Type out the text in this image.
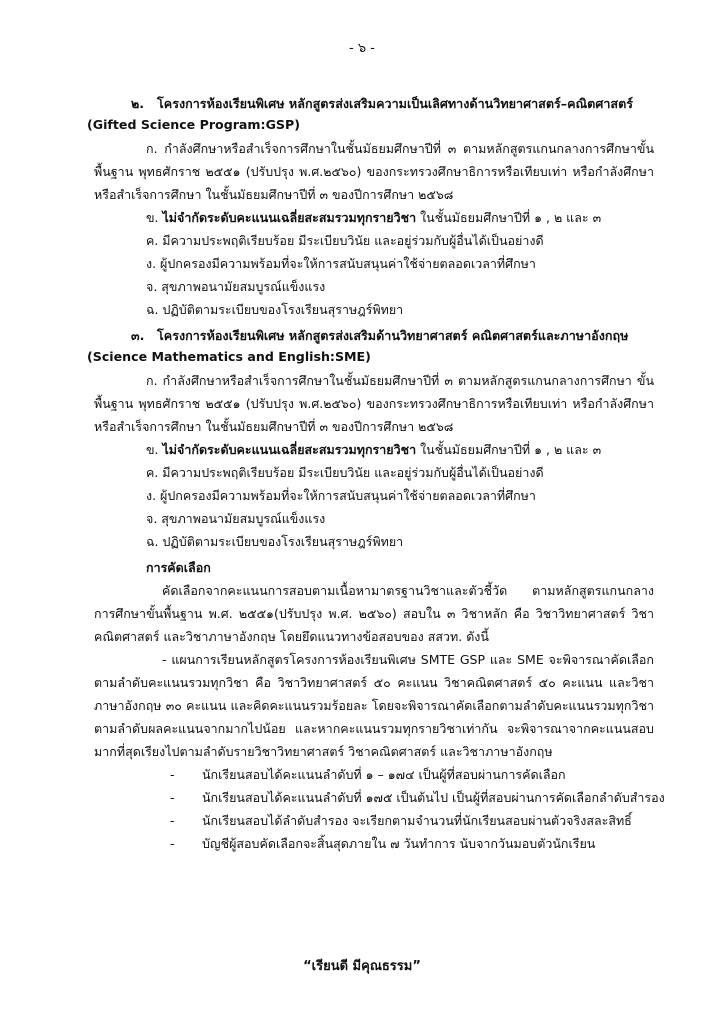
- ๖ -
๒. โครงการห้องเรียนพิเศษ หลักสูตรส่งเสริมความเป็นเลิศทางด้านวิทยาศาสตร์–คณิตศาสตร์
(Gifted Science Program:GSP)
ก. กำลังศึกษาหรือสำเร็จการศึกษาในชั้นมัธยมศึกษาปีที่ ๓ ตามหลักสูตรแกนกลางการศึกษาขั้นพื้นฐาน พุทธศักราช ๒๕๕๑ (ปรับปรุง พ.ศ.๒๕๖๐) ของกระทรวงศึกษาธิการหรือเทียบเท่า หรือกำลังศึกษาหรือสำเร็จการศึกษา ในชั้นมัธยมศึกษาปีที่ ๓ ของปีการศึกษา ๒๕๖๘
ข. ไม่จำกัดระดับคะแนนเฉลี่ยสะสมรวมทุกรายวิชา ในชั้นมัธยมศึกษาปีที่ ๑ , ๒ และ ๓
ค. มีความประพฤติเรียบร้อย มีระเบียบวินัย และอยู่ร่วมกับผู้อื่นได้เป็นอย่างดี
ง. ผู้ปกครองมีความพร้อมที่จะให้การสนับสนุนค่าใช้จ่ายตลอดเวลาที่ศึกษา
จ. สุขภาพอนามัยสมบูรณ์แข็งแรง
ฉ. ปฏิบัติตามระเบียบของโรงเรียนสุราษฎร์พิทยา
๓. โครงการห้องเรียนพิเศษ หลักสูตรส่งเสริมด้านวิทยาศาสตร์ คณิตศาสตร์และภาษาอังกฤษ
(Science Mathematics and English:SME)
ก. กำลังศึกษาหรือสำเร็จการศึกษาในชั้นมัธยมศึกษาปีที่ ๓ ตามหลักสูตรแกนกลางการศึกษา ขั้นพื้นฐาน พุทธศักราช ๒๕๕๑ (ปรับปรุง พ.ศ.๒๕๖๐) ของกระทรวงศึกษาธิการหรือเทียบเท่า หรือกำลังศึกษาหรือสำเร็จการศึกษา ในชั้นมัธยมศึกษาปีที่ ๓ ของปีการศึกษา ๒๕๖๘
ข. ไม่จำกัดระดับคะแนนเฉลี่ยสะสมรวมทุกรายวิชา ในชั้นมัธยมศึกษาปีที่ ๑ , ๒ และ ๓
ค. มีความประพฤติเรียบร้อย มีระเบียบวินัย และอยู่ร่วมกับผู้อื่นได้เป็นอย่างดี
ง. ผู้ปกครองมีความพร้อมที่จะให้การสนับสนุนค่าใช้จ่ายตลอดเวลาที่ศึกษา
จ. สุขภาพอนามัยสมบูรณ์แข็งแรง
ฉ. ปฏิบัติตามระเบียบของโรงเรียนสุราษฎร์พิทยา
การคัดเลือก
คัดเลือกจากคะแนนการสอบตามเนื้อหามาตรฐานวิชาและตัวชี้วัด ตามหลักสูตรแกนกลางการศึกษาขั้นพื้นฐาน พ.ศ. ๒๕๕๑(ปรับปรุง พ.ศ. ๒๕๖๐) สอบใน ๓ วิชาหลัก คือ วิชาวิทยาศาสตร์ วิชาคณิตศาสตร์ และวิชาภาษาอังกฤษ โดยยึดแนวทางข้อสอบของ สสวท. ดังนี้
- แผนการเรียนหลักสูตรโครงการห้องเรียนพิเศษ SMTE GSP และ SME จะพิจารณาคัดเลือกตามลำดับคะแนนรวมทุกวิชา คือ วิชาวิทยาศาสตร์ ๕๐ คะแนน วิชาคณิตศาสตร์ ๕๐ คะแนน และวิชาภาษาอังกฤษ ๓๐ คะแนน และคิดคะแนนรวมร้อยละ โดยจะพิจารณาคัดเลือกตามลำดับคะแนนรวมทุกวิชาตามลำดับผลคะแนนจากมากไปน้อย และหากคะแนนรวมทุกรายวิชาเท่ากัน จะพิจารณาจากคะแนนสอบมากที่สุดเรียงไปตามลำดับรายวิชาวิทยาศาสตร์ วิชาคณิตศาสตร์ และวิชาภาษาอังกฤษ
- นักเรียนสอบได้คะแนนลำดับที่ ๑ – ๑๗๔ เป็นผู้ที่สอบผ่านการคัดเลือก
- นักเรียนสอบได้คะแนนลำดับที่ ๑๗๕ เป็นต้นไป เป็นผู้ที่สอบผ่านการคัดเลือกลำดับสำรอง
- นักเรียนสอบได้ลำดับสำรอง จะเรียกตามจำนวนที่นักเรียนสอบผ่านตัวจริงสละสิทธิ์
- บัญชีผู้สอบคัดเลือกจะสิ้นสุดภายใน ๗ วันทำการ นับจากวันมอบตัวนักเรียน
“เรียนดี มีคุณธรรม”
